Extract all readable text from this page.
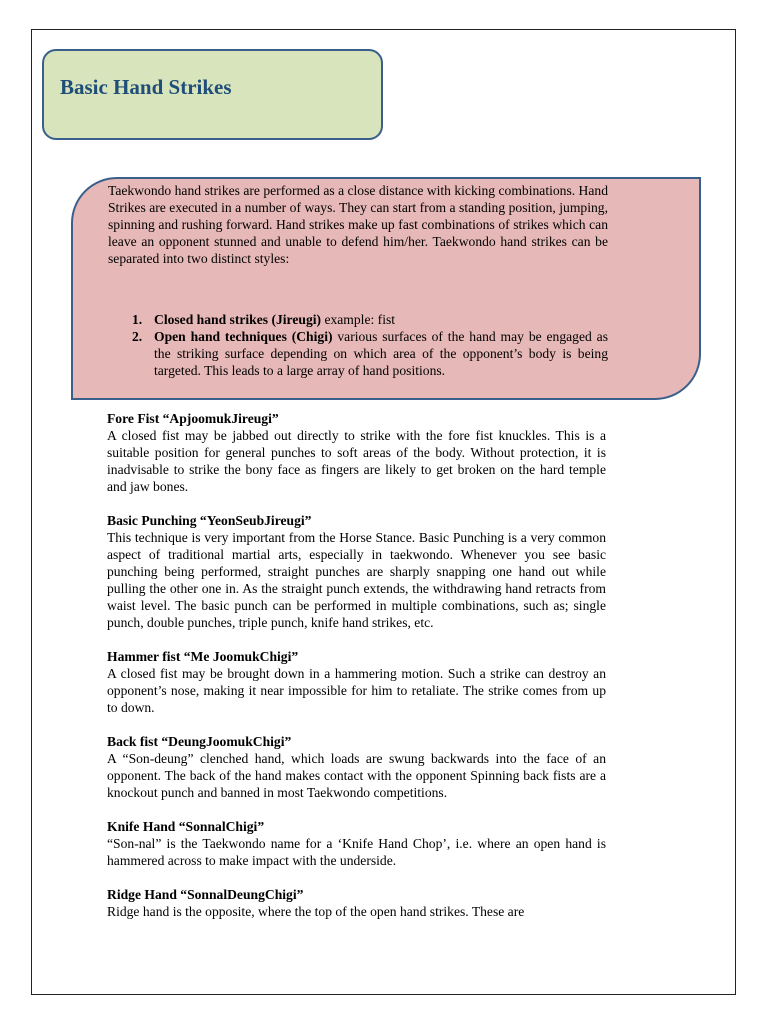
Basic Hand Strikes

Taekwondo hand strikes are performed as a close distance with kicking combinations. Hand Strikes are executed in a number of ways. They can start from a standing position, jumping, spinning and rushing forward. Hand strikes make up fast combinations of strikes which can leave an opponent stunned and unable to defend him/her. Taekwondo hand strikes can be separated into two distinct styles:

1. Closed hand strikes (Jireugi) example: fist
2. Open hand techniques (Chigi) various surfaces of the hand may be engaged as the striking surface depending on which area of the opponent’s body is being targeted. This leads to a large array of hand positions.
Fore Fist “ApjoomukJireugi”

A closed fist may be jabbed out directly to strike with the fore fist knuckles. This is a suitable position for general punches to soft areas of the body. Without protection, it is inadvisable to strike the bony face as fingers are likely to get broken on the hard temple and jaw bones.

Basic Punching “YeonSeubJireugi”

This technique is very important from the Horse Stance. Basic Punching is a very common aspect of traditional martial arts, especially in taekwondo. Whenever you see basic punching being performed, straight punches are sharply snapping one hand out while pulling the other one in. As the straight punch extends, the withdrawing hand retracts from waist level. The basic punch can be performed in multiple combinations, such as; single punch, double punches, triple punch, knife hand strikes, etc.

Hammer fist “Me JoomukChigi”

A closed fist may be brought down in a hammering motion. Such a strike can destroy an opponent’s nose, making it near impossible for him to retaliate. The strike comes from up to down.

Back fist “DeungJoomukChigi”

A “Son-deung” clenched hand, which loads are swung backwards into the face of an opponent. The back of the hand makes contact with the opponent Spinning back fists are a knockout punch and banned in most Taekwondo competitions.

Knife Hand “SonnalChigi”

“Son-nal” is the Taekwondo name for a ‘Knife Hand Chop’, i.e. where an open hand is hammered across to make impact with the underside.

Ridge Hand “SonnalDeungChigi”

Ridge hand is the opposite, where the top of the open hand strikes. These are
